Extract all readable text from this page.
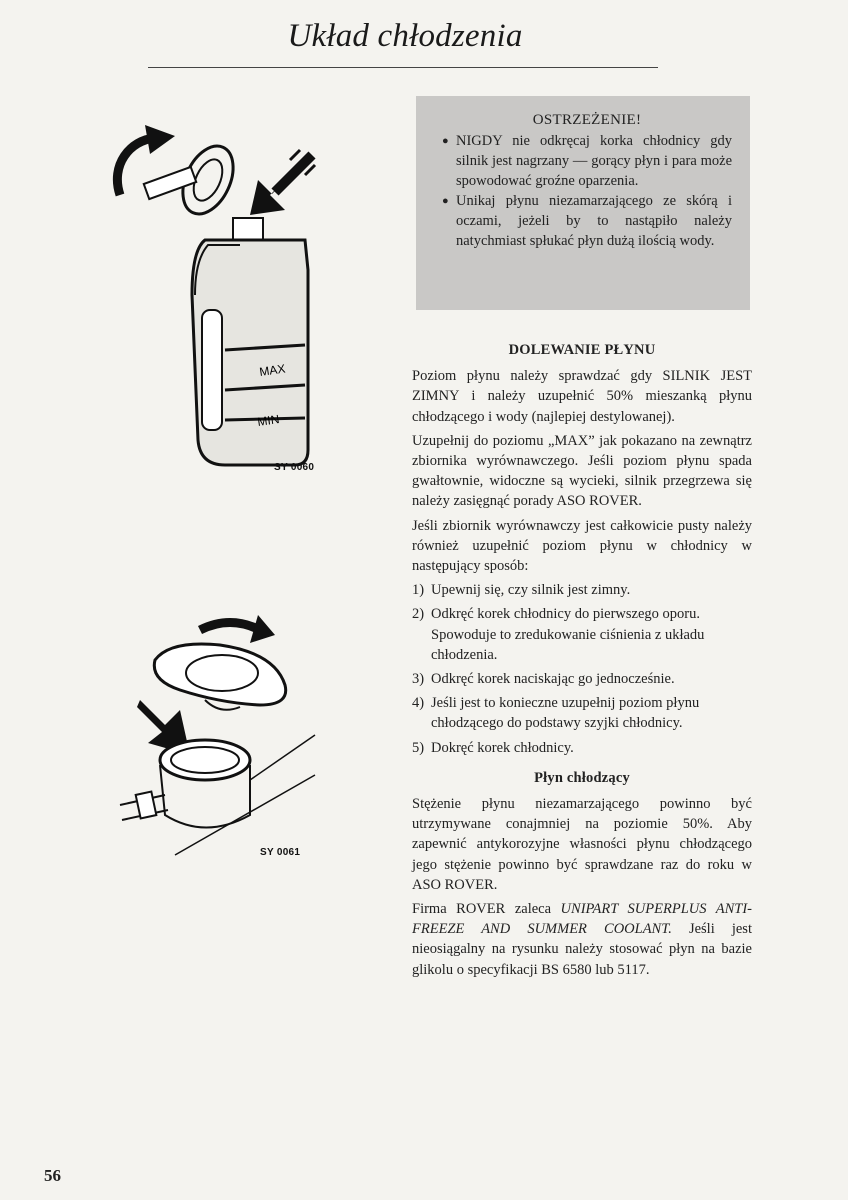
Układ chłodzenia
MAX
MIN
SY 0060
SY 0061
OSTRZEŻENIE!
● NIGDY nie odkręcaj korka chłodnicy gdy silnik jest nagrzany — gorący płyn i para może spowodować groźne oparzenia.
● Unikaj płynu niezamarzającego ze skórą i oczami, jeżeli by to nastąpiło należy natychmiast spłukać płyn dużą ilością wody.
DOLEWANIE PŁYNU

Poziom płynu należy sprawdzać gdy SILNIK JEST ZIMNY i należy uzupełnić 50% mieszanką płynu chłodzącego i wody (najlepiej destylowanej).

Uzupełnij do poziomu „MAX” jak pokazano na zewnątrz zbiornika wyrównawczego. Jeśli poziom płynu spada gwałtownie, widoczne są wycieki, silnik przegrzewa się należy zasięgnąć porady ASO ROVER.

Jeśli zbiornik wyrównawczy jest całkowicie pusty należy również uzupełnić poziom płynu w chłodnicy w następujący sposób:

1) Upewnij się, czy silnik jest zimny.
2) Odkręć korek chłodnicy do pierwszego oporu. Spowoduje to zredukowanie ciśnienia z układu chłodzenia.
3) Odkręć korek naciskając go jednocześnie.
4) Jeśli jest to konieczne uzupełnij poziom płynu chłodzącego do podstawy szyjki chłodnicy.
5) Dokręć korek chłodnicy.
Płyn chłodzący

Stężenie płynu niezamarzającego powinno być utrzymywane conajmniej na poziomie 50%. Aby zapewnić antykorozyjne własności płynu chłodzącego jego stężenie powinno być sprawdzane raz do roku w ASO ROVER.

Firma ROVER zaleca UNIPART SUPERPLUS ANTI-FREEZE AND SUMMER COOLANT. Jeśli jest nieosiągalny na rysunku należy stosować płyn na bazie glikolu o specyfikacji BS 6580 lub 5117.

56
